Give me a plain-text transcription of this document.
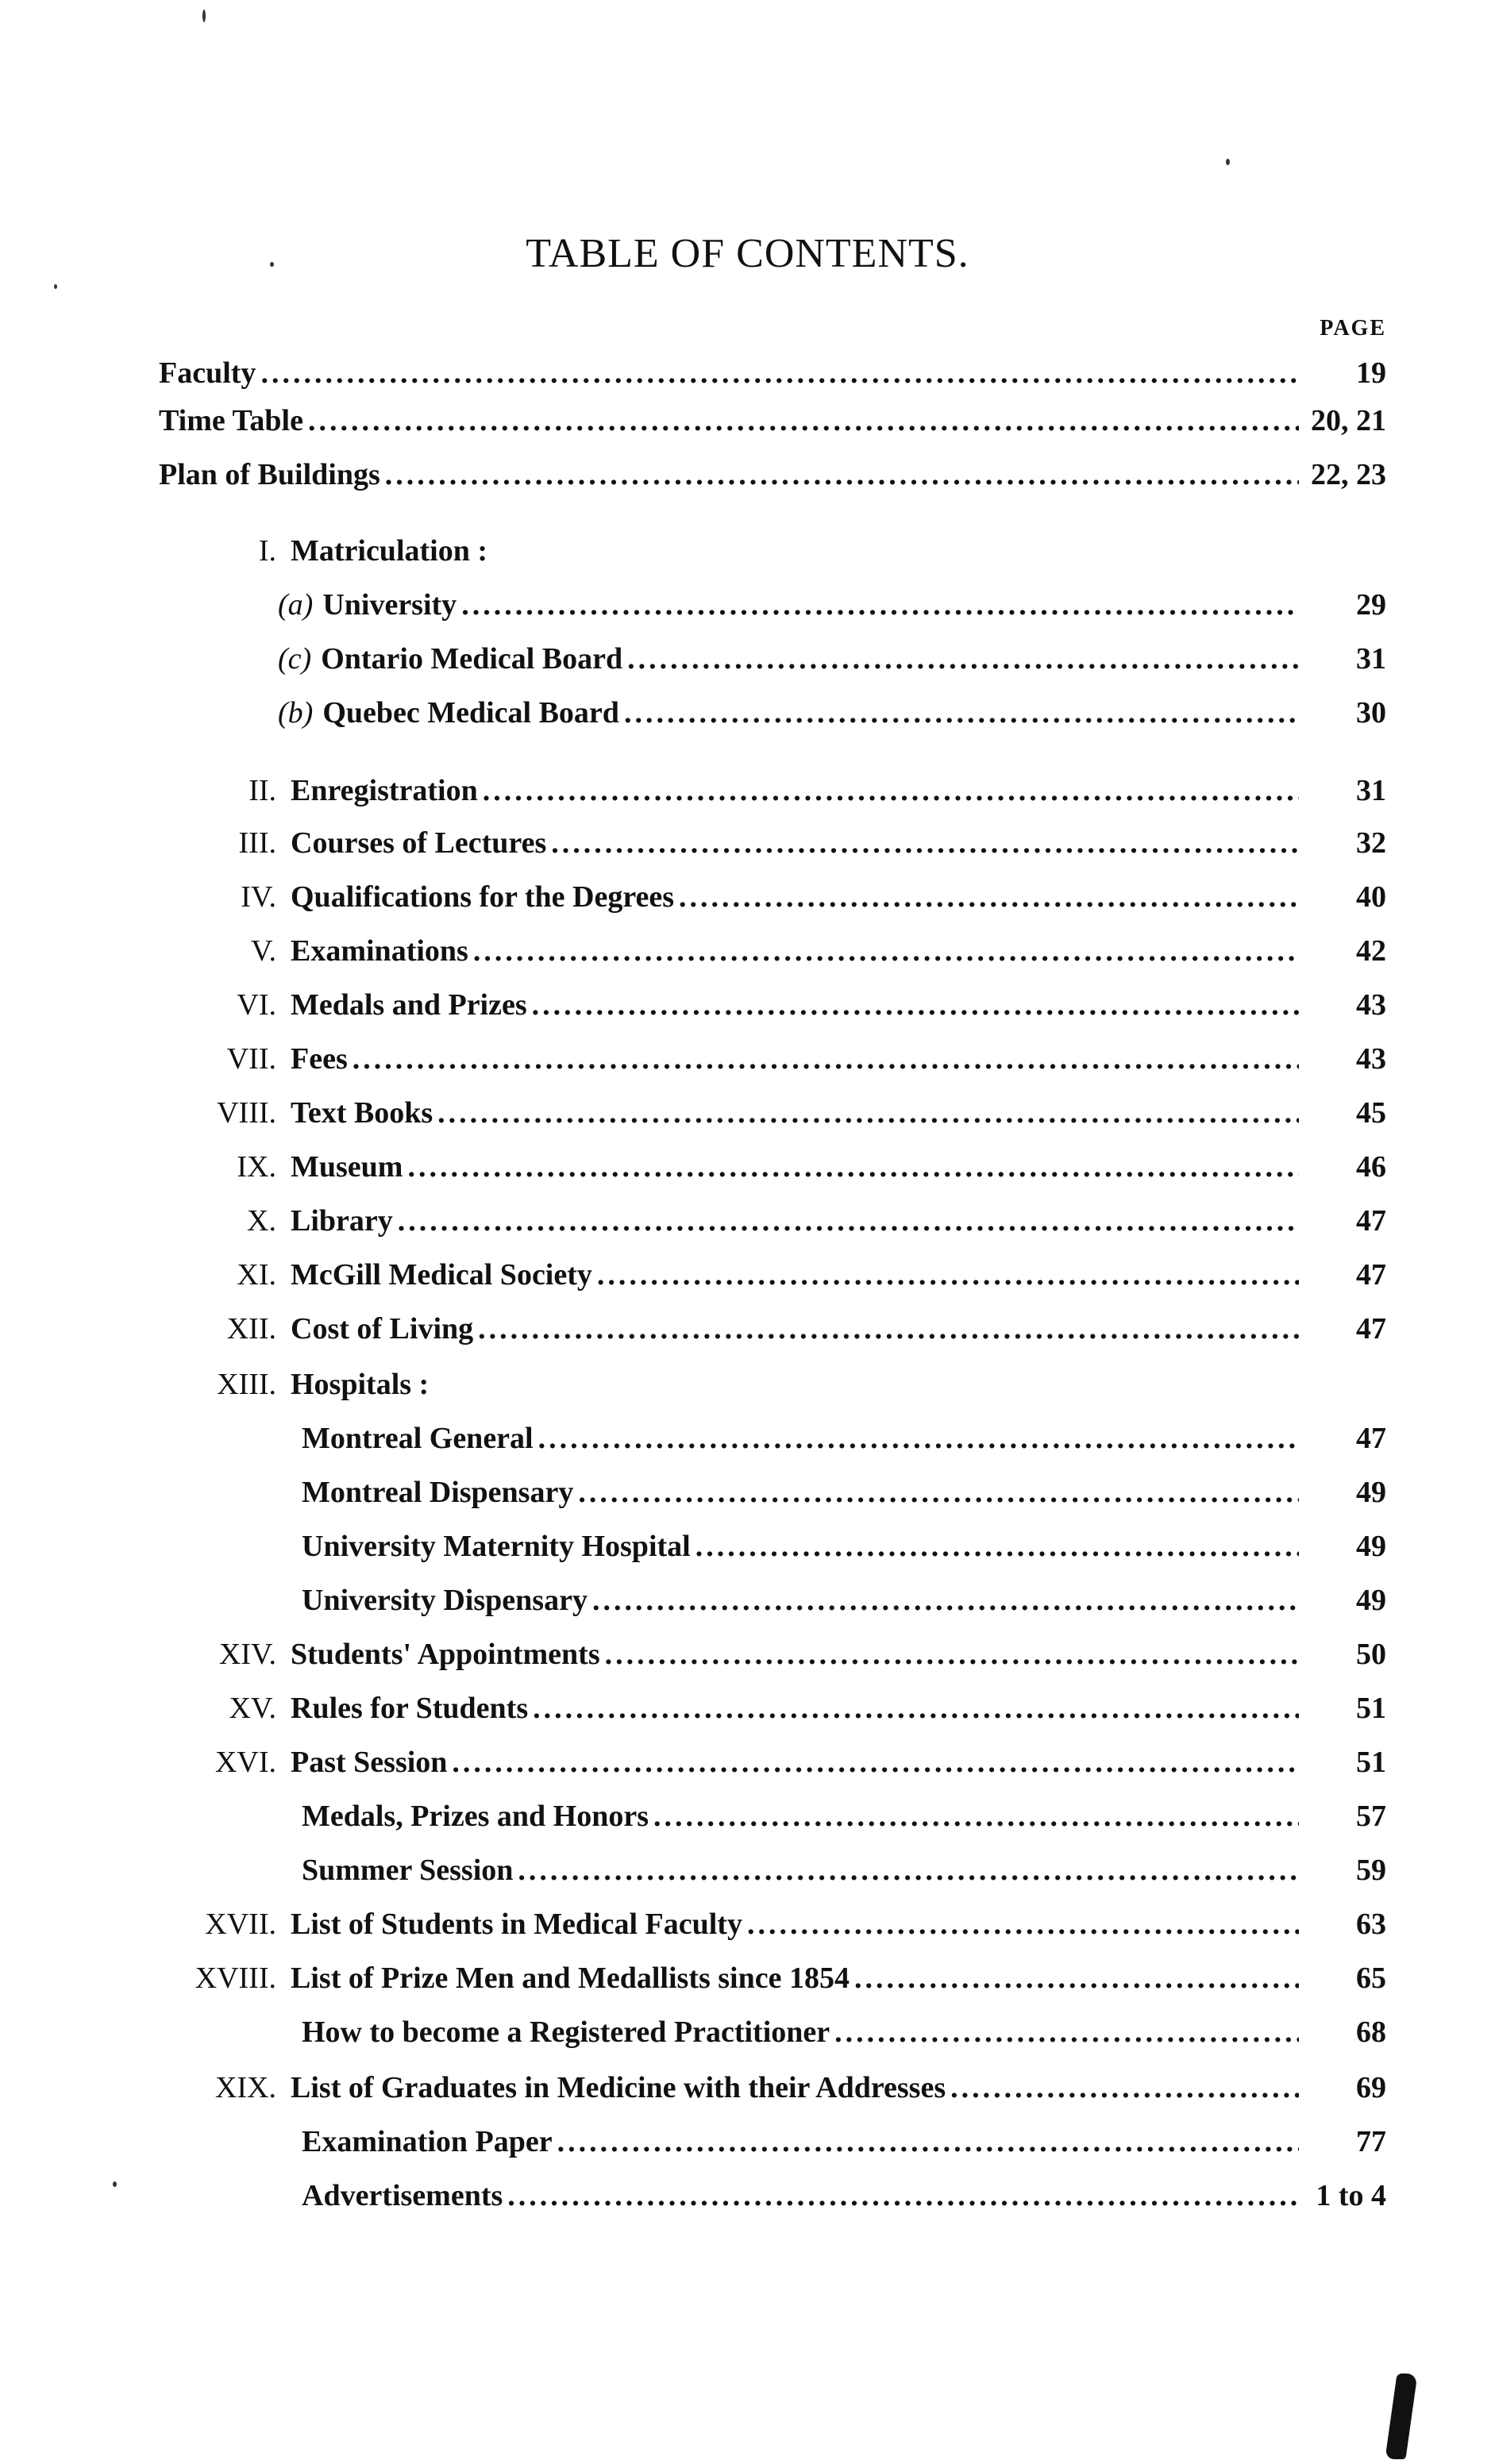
TABLE OF CONTENTS.
PAGE
Faculty .....	19
Time Table .....	20, 21
Plan of Buildings .....	22, 23
I. Matriculation :
(a) University .....	29
(c) Ontario Medical Board .....	31
(b) Quebec Medical Board .....	30
II. Enregistration .....	31
III. Courses of Lectures .....	32
IV. Qualifications for the Degrees .....	40
V. Examinations .....	42
VI. Medals and Prizes .....	43
VII. Fees .....	43
VIII. Text Books .....	45
IX. Museum .....	46
X. Library .....	47
XI. McGill Medical Society .....	47
XII. Cost of Living .....	47
XIII. Hospitals :
Montreal General .....	47
Montreal Dispensary .....	49
University Maternity Hospital .....	49
University Dispensary .....	49
XIV. Students' Appointments .....	50
XV. Rules for Students .....	51
XVI. Past Session .....	51
Medals, Prizes and Honors .....	57
Summer Session .....	59
XVII. List of Students in Medical Faculty .....	63
XVIII. List of Prize Men and Medallists since 1854 .....	65
How to become a Registered Practitioner .....	68
XIX. List of Graduates in Medicine with their Addresses .....	69
Examination Paper .....	77
Advertisements .....	1 to 4
